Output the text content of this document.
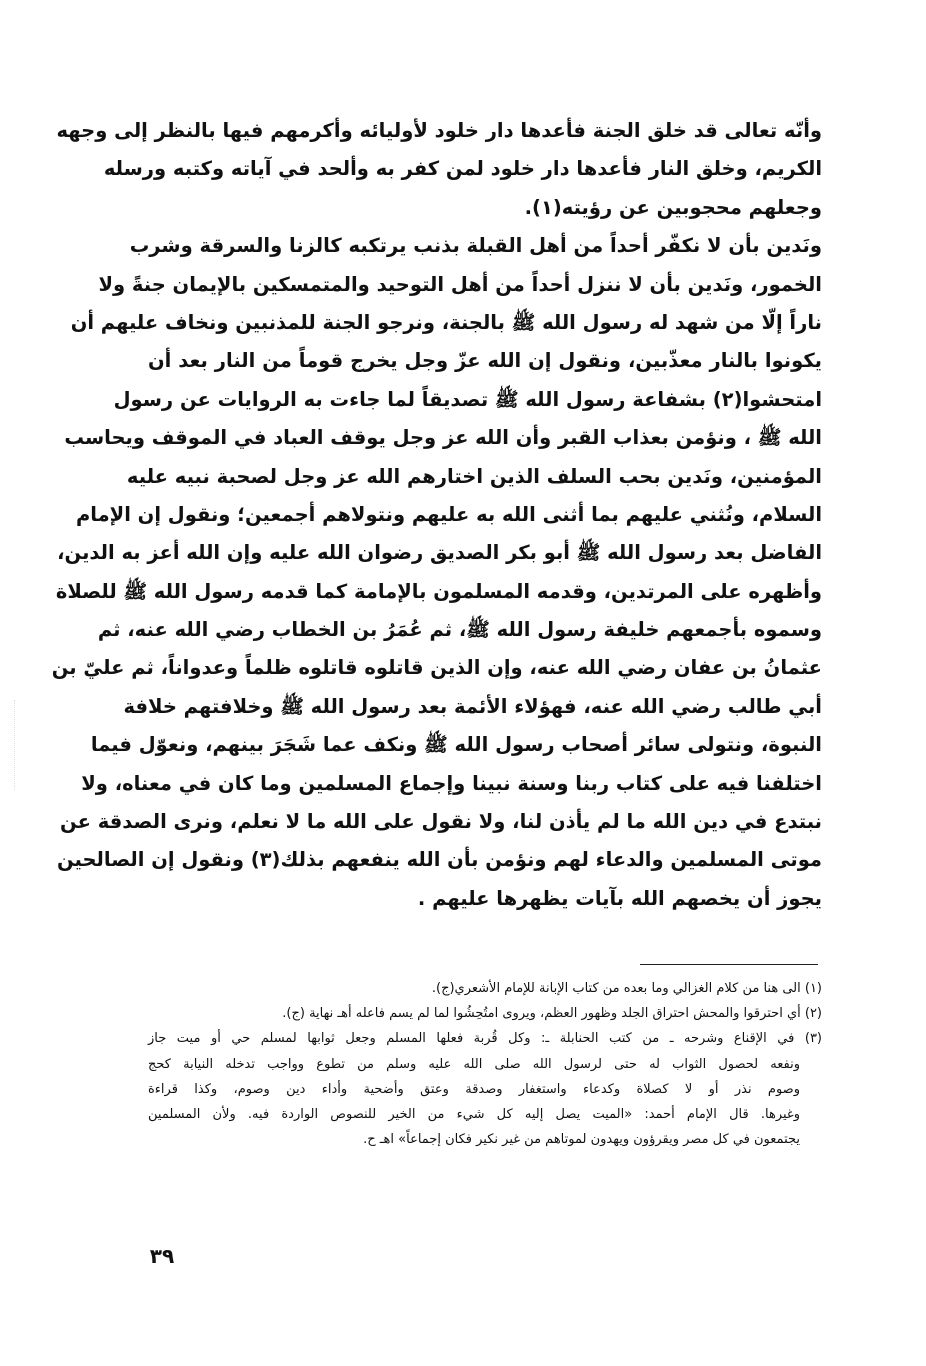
وأنّه تعالى قد خلق الجنة فأعدها دار خلود لأوليائه وأكرمهم فيها بالنظر إلى وجهه
الكريم، وخلق النار فأعدها دار خلود لمن كفر به وألحد في آياته وكتبه ورسله
وجعلهم محجوبين عن رؤيته(١).
ونَدين بأن لا نكفّر أحداً من أهل القبلة بذنب يرتكبه كالزنا والسرقة وشرب
الخمور، ونَدين بأن لا ننزل أحداً من أهل التوحيد والمتمسكين بالإيمان جنةً ولا
ناراً إلّا من شهد له رسول الله ﷺ بالجنة، ونرجو الجنة للمذنبين ونخاف عليهم أن
يكونوا بالنار معذّبين، ونقول إن الله عزّ وجل يخرج قوماً من النار بعد أن
امتحشوا(٢) بشفاعة رسول الله ﷺ تصديقاً لما جاءت به الروايات عن رسول
الله ﷺ ، ونؤمن بعذاب القبر وأن الله عز وجل يوقف العباد في الموقف ويحاسب
المؤمنين، ونَدين بحب السلف الذين اختارهم الله عز وجل لصحبة نبيه عليه
السلام، ونُثني عليهم بما أثنى الله به عليهم ونتولاهم أجمعين؛ ونقول إن الإمام
الفاضل بعد رسول الله ﷺ أبو بكر الصديق رضوان الله عليه وإن الله أعز به الدين،
وأظهره على المرتدين، وقدمه المسلمون بالإمامة كما قدمه رسول الله ﷺ للصلاة
وسموه بأجمعهم خليفة رسول الله ﷺ، ثم عُمَرُ بن الخطاب رضي الله عنه، ثم
عثمانُ بن عفان رضي الله عنه، وإن الذين قاتلوه قاتلوه ظلماً وعدواناً، ثم عليّ بن
أبي طالب رضي الله عنه، فهؤلاء الأئمة بعد رسول الله ﷺ وخلافتهم خلافة
النبوة، ونتولى سائر أصحاب رسول الله ﷺ ونكف عما شَجَرَ بينهم، ونعوّل فيما
اختلفنا فيه على كتاب ربنا وسنة نبينا وإجماع المسلمين وما كان في معناه، ولا
نبتدع في دين الله ما لم يأذن لنا، ولا نقول على الله ما لا نعلم، ونرى الصدقة عن
موتى المسلمين والدعاء لهم ونؤمن بأن الله ينفعهم بذلك(٣) ونقول إن الصالحين
يجوز أن يخصهم الله بآيات يظهرها عليهم .
(١) الى هنا من كلام الغزالي وما بعده من كتاب الإبانة للإمام الأشعري(ج).
(٢) أي احترقوا والمحش احتراق الجلد وظهور العظم، ويروى امتُحِشُوا لما لم يسم فاعله أهـ نهاية (ج).
(٣) في الإقناع وشرحه ـ من كتب الحنابلة ـ: وكل قُربة فعلها المسلم وجعل ثوابها لمسلم حي أو ميت جاز
ونفعه لحصول الثواب له حتى لرسول الله صلى الله عليه وسلم من تطوع وواجب تدخله النيابة كحج
وصوم نذر أو لا كصلاة وكدعاء واستغفار وصدقة وعتق وأضحية وأداء دين وصوم، وكذا قراءة
وغيرها. قال الإمام أحمد: «الميت يصل إليه كل شيء من الخير للنصوص الواردة فيه. ولأن المسلمين
يجتمعون في كل مصر ويقرؤون ويهدون لموتاهم من غير نكير فكان إجماعاً» اهـ ح.
٣٩
